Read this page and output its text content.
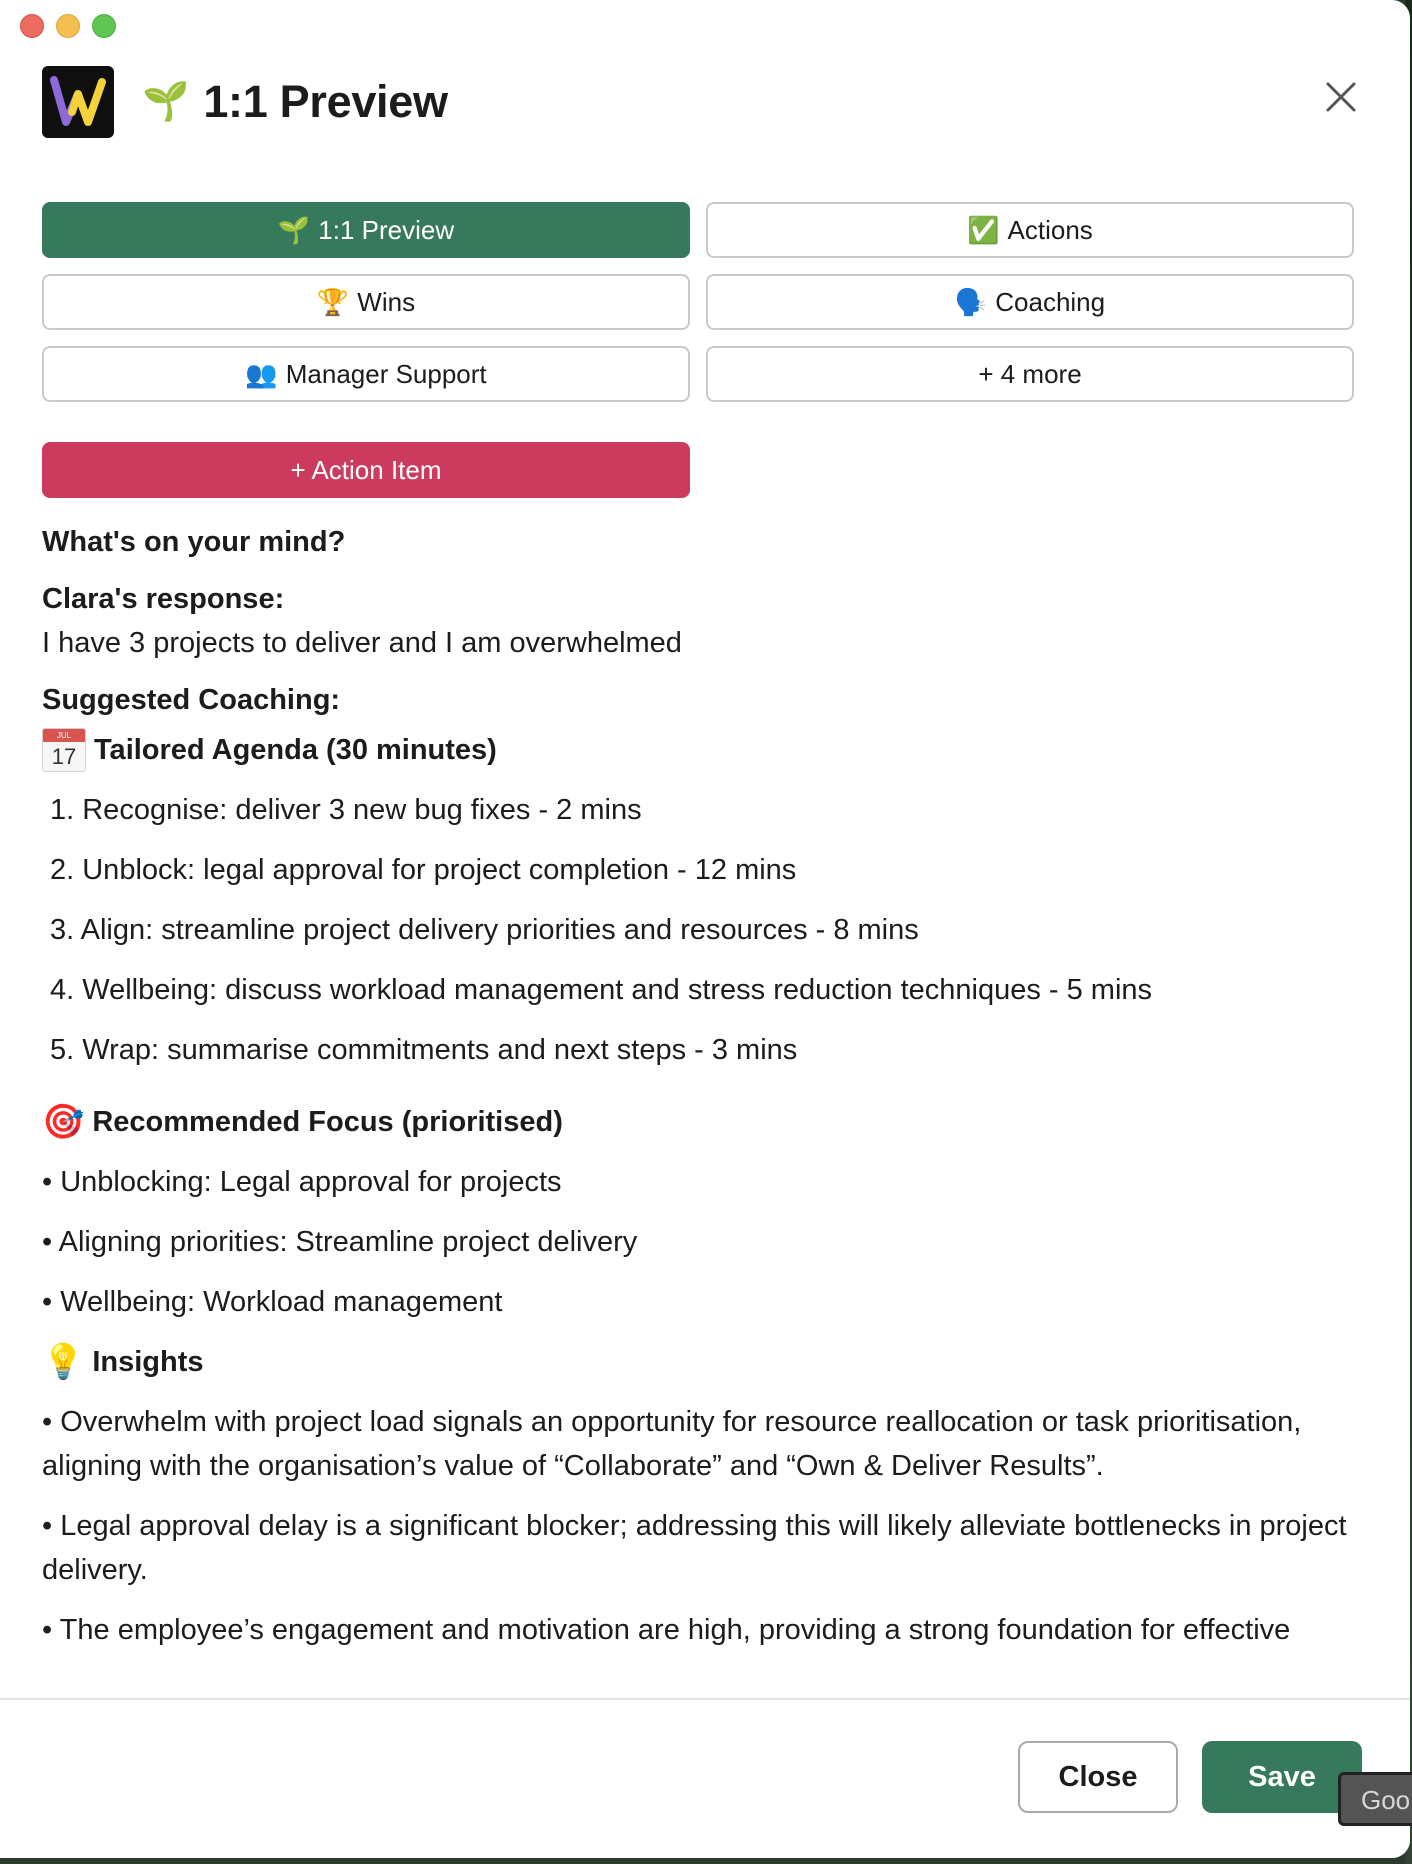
🌱 1:1 Preview
🌱 1:1 Preview	✅ Actions
🏆 Wins	🗣️ Coaching
👥 Manager Support	+ 4 more
+ Action Item
What's on your mind?
Clara's response:
I have 3 projects to deliver and I am overwhelmed
Suggested Coaching:
JUL
17 Tailored Agenda (30 minutes)
1. Recognise: deliver 3 new bug fixes - 2 mins
2. Unblock: legal approval for project completion - 12 mins
3. Align: streamline project delivery priorities and resources - 8 mins
4. Wellbeing: discuss workload management and stress reduction techniques - 5 mins
5. Wrap: summarise commitments and next steps - 3 mins
🎯 Recommended Focus (prioritised)
• Unblocking: Legal approval for projects
• Aligning priorities: Streamline project delivery
• Wellbeing: Workload management
💡 Insights
• Overwhelm with project load signals an opportunity for resource reallocation or task prioritisation, aligning with the organisation’s value of “Collaborate” and “Own & Deliver Results”.
• Legal approval delay is a significant blocker; addressing this will likely alleviate bottlenecks in project delivery.
• The employee’s engagement and motivation are high, providing a strong foundation for effective
Close	Save
Goo
